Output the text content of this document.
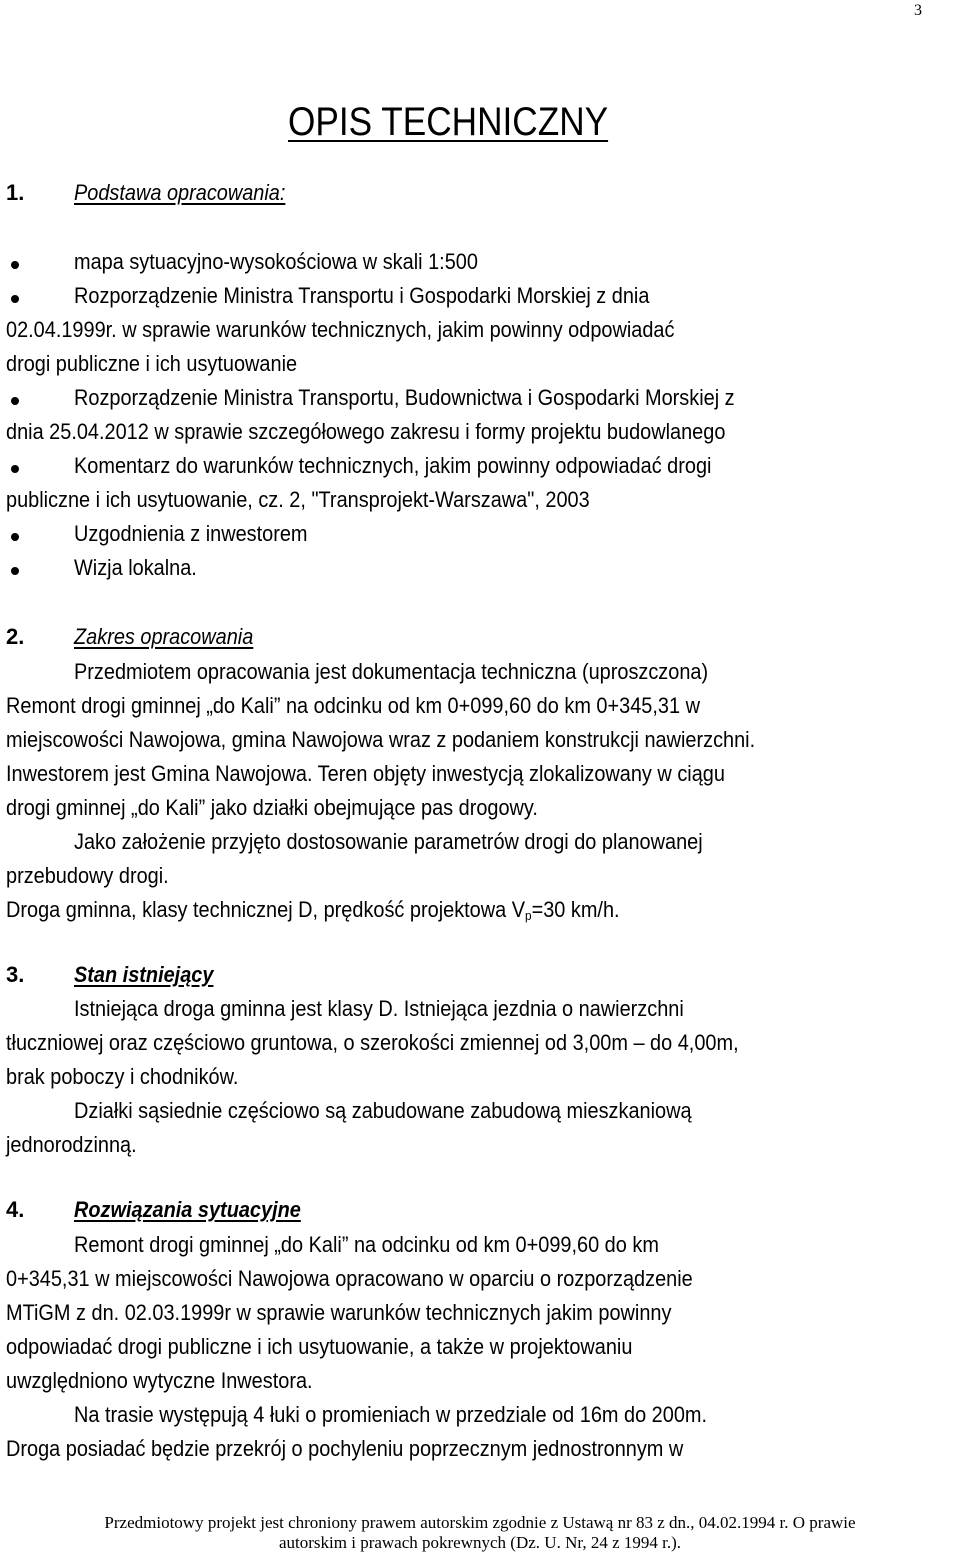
3
OPIS TECHNICZNY
1. Podstawa opracowania:
mapa sytuacyjno-wysokościowa w skali 1:500
Rozporządzenie Ministra Transportu i Gospodarki Morskiej z dnia
02.04.1999r. w sprawie warunków technicznych, jakim powinny odpowiadać
drogi publiczne i ich usytuowanie
Rozporządzenie Ministra Transportu, Budownictwa i Gospodarki Morskiej z
dnia 25.04.2012 w sprawie szczegółowego zakresu i formy projektu budowlanego
Komentarz do warunków technicznych, jakim powinny odpowiadać drogi
publiczne i ich usytuowanie, cz. 2, "Transprojekt-Warszawa", 2003
Uzgodnienia z inwestorem
Wizja lokalna.
2. Zakres opracowania
Przedmiotem opracowania jest dokumentacja techniczna (uproszczona)
Remont drogi gminnej „do Kali” na odcinku od km 0+099,60 do km 0+345,31 w
miejscowości Nawojowa, gmina Nawojowa wraz z podaniem konstrukcji nawierzchni.
Inwestorem jest Gmina Nawojowa. Teren objęty inwestycją zlokalizowany w ciągu
drogi gminnej „do Kali” jako działki obejmujące pas drogowy.
Jako założenie przyjęto dostosowanie parametrów drogi do planowanej
przebudowy drogi.
Droga gminna, klasy technicznej D, prędkość projektowa $V_p=30$ km/h.
3. Stan istniejący
Istniejąca droga gminna jest klasy D. Istniejąca jezdnia o nawierzchni
tłuczniowej oraz częściowo gruntowa, o szerokości zmiennej od 3,00m – do 4,00m,
brak poboczy i chodników.
Działki sąsiednie częściowo są zabudowane zabudową mieszkaniową
jednorodzinną.
4. Rozwiązania sytuacyjne
Remont drogi gminnej „do Kali” na odcinku od km 0+099,60 do km
0+345,31 w miejscowości Nawojowa opracowano w oparciu o rozporządzenie
MTiGM z dn. 02.03.1999r w sprawie warunków technicznych jakim powinny
odpowiadać drogi publiczne i ich usytuowanie, a także w projektowaniu
uwzględniono wytyczne Inwestora.
Na trasie występują 4 łuki o promieniach w przedziale od 16m do 200m.
Droga posiadać będzie przekrój o pochyleniu poprzecznym jednostronnym w
Przedmiotowy projekt jest chroniony prawem autorskim zgodnie z Ustawą nr 83 z dn., 04.02.1994 r. O prawie
autorskim i prawach pokrewnych (Dz. U. Nr, 24 z 1994 r.).
